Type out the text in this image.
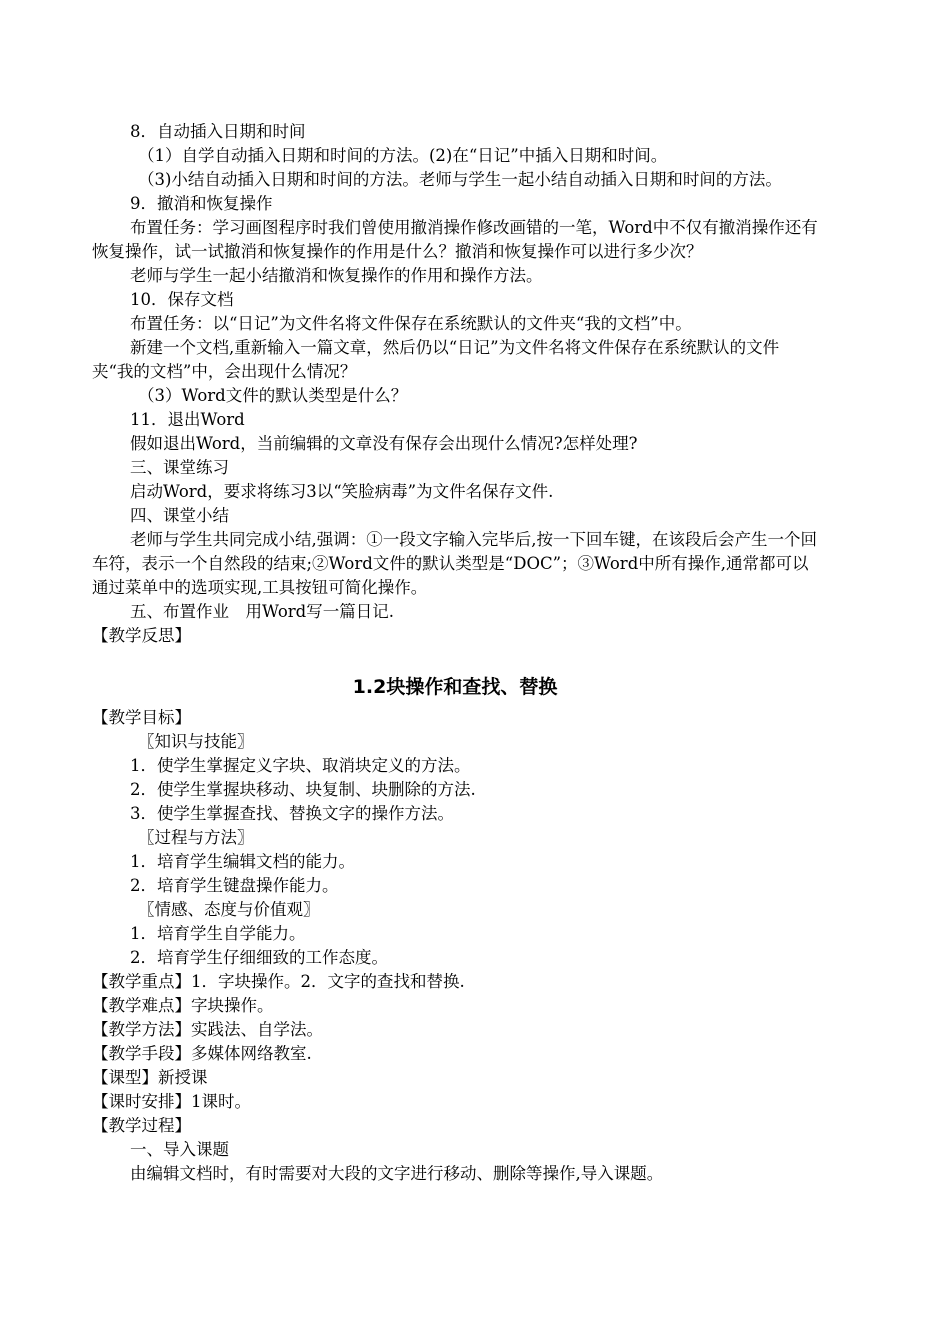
8．自动插入日期和时间

（1）自学自动插入日期和时间的方法。(2)在“日记”中插入日期和时间。

（3)小结自动插入日期和时间的方法。老师与学生一起小结自动插入日期和时间的方法。

9．撤消和恢复操作

布置任务：学习画图程序时我们曾使用撤消操作修改画错的一笔，Word中不仅有撤消操作还有恢复操作，试一试撤消和恢复操作的作用是什么？撤消和恢复操作可以进行多少次？

老师与学生一起小结撤消和恢复操作的作用和操作方法。

10．保存文档

布置任务：以“日记”为文件名将文件保存在系统默认的文件夹“我的文档”中。

新建一个文档,重新输入一篇文章，然后仍以“日记”为文件名将文件保存在系统默认的文件夹“我的文档”中，会出现什么情况？

（3）Word文件的默认类型是什么？

11．退出Word

假如退出Word，当前编辑的文章没有保存会出现什么情况?怎样处理?

三、课堂练习

启动Word，要求将练习3以“笑脸病毒”为文件名保存文件.

四、课堂小结

老师与学生共同完成小结,强调：①一段文字输入完毕后,按一下回车键，在该段后会产生一个回车符，表示一个自然段的结束;②Word文件的默认类型是“DOC”；③Word中所有操作,通常都可以通过菜单中的选项实现,工具按钮可简化操作。

五、布置作业　用Word写一篇日记.

【教学反思】

1.2块操作和查找、替换

【教学目标】

〖知识与技能〗

1．使学生掌握定义字块、取消块定义的方法。

2．使学生掌握块移动、块复制、块删除的方法.

3．使学生掌握查找、替换文字的操作方法。

〖过程与方法〗

1．培育学生编辑文档的能力。

2．培育学生键盘操作能力。

〖情感、态度与价值观〗

1．培育学生自学能力。

2．培育学生仔细细致的工作态度。

【教学重点】1．字块操作。2．文字的查找和替换.

【教学难点】字块操作。

【教学方法】实践法、自学法。

【教学手段】多媒体网络教室.

【课型】新授课

【课时安排】1课时。

【教学过程】

一、导入课题

由编辑文档时，有时需要对大段的文字进行移动、删除等操作,导入课题。
